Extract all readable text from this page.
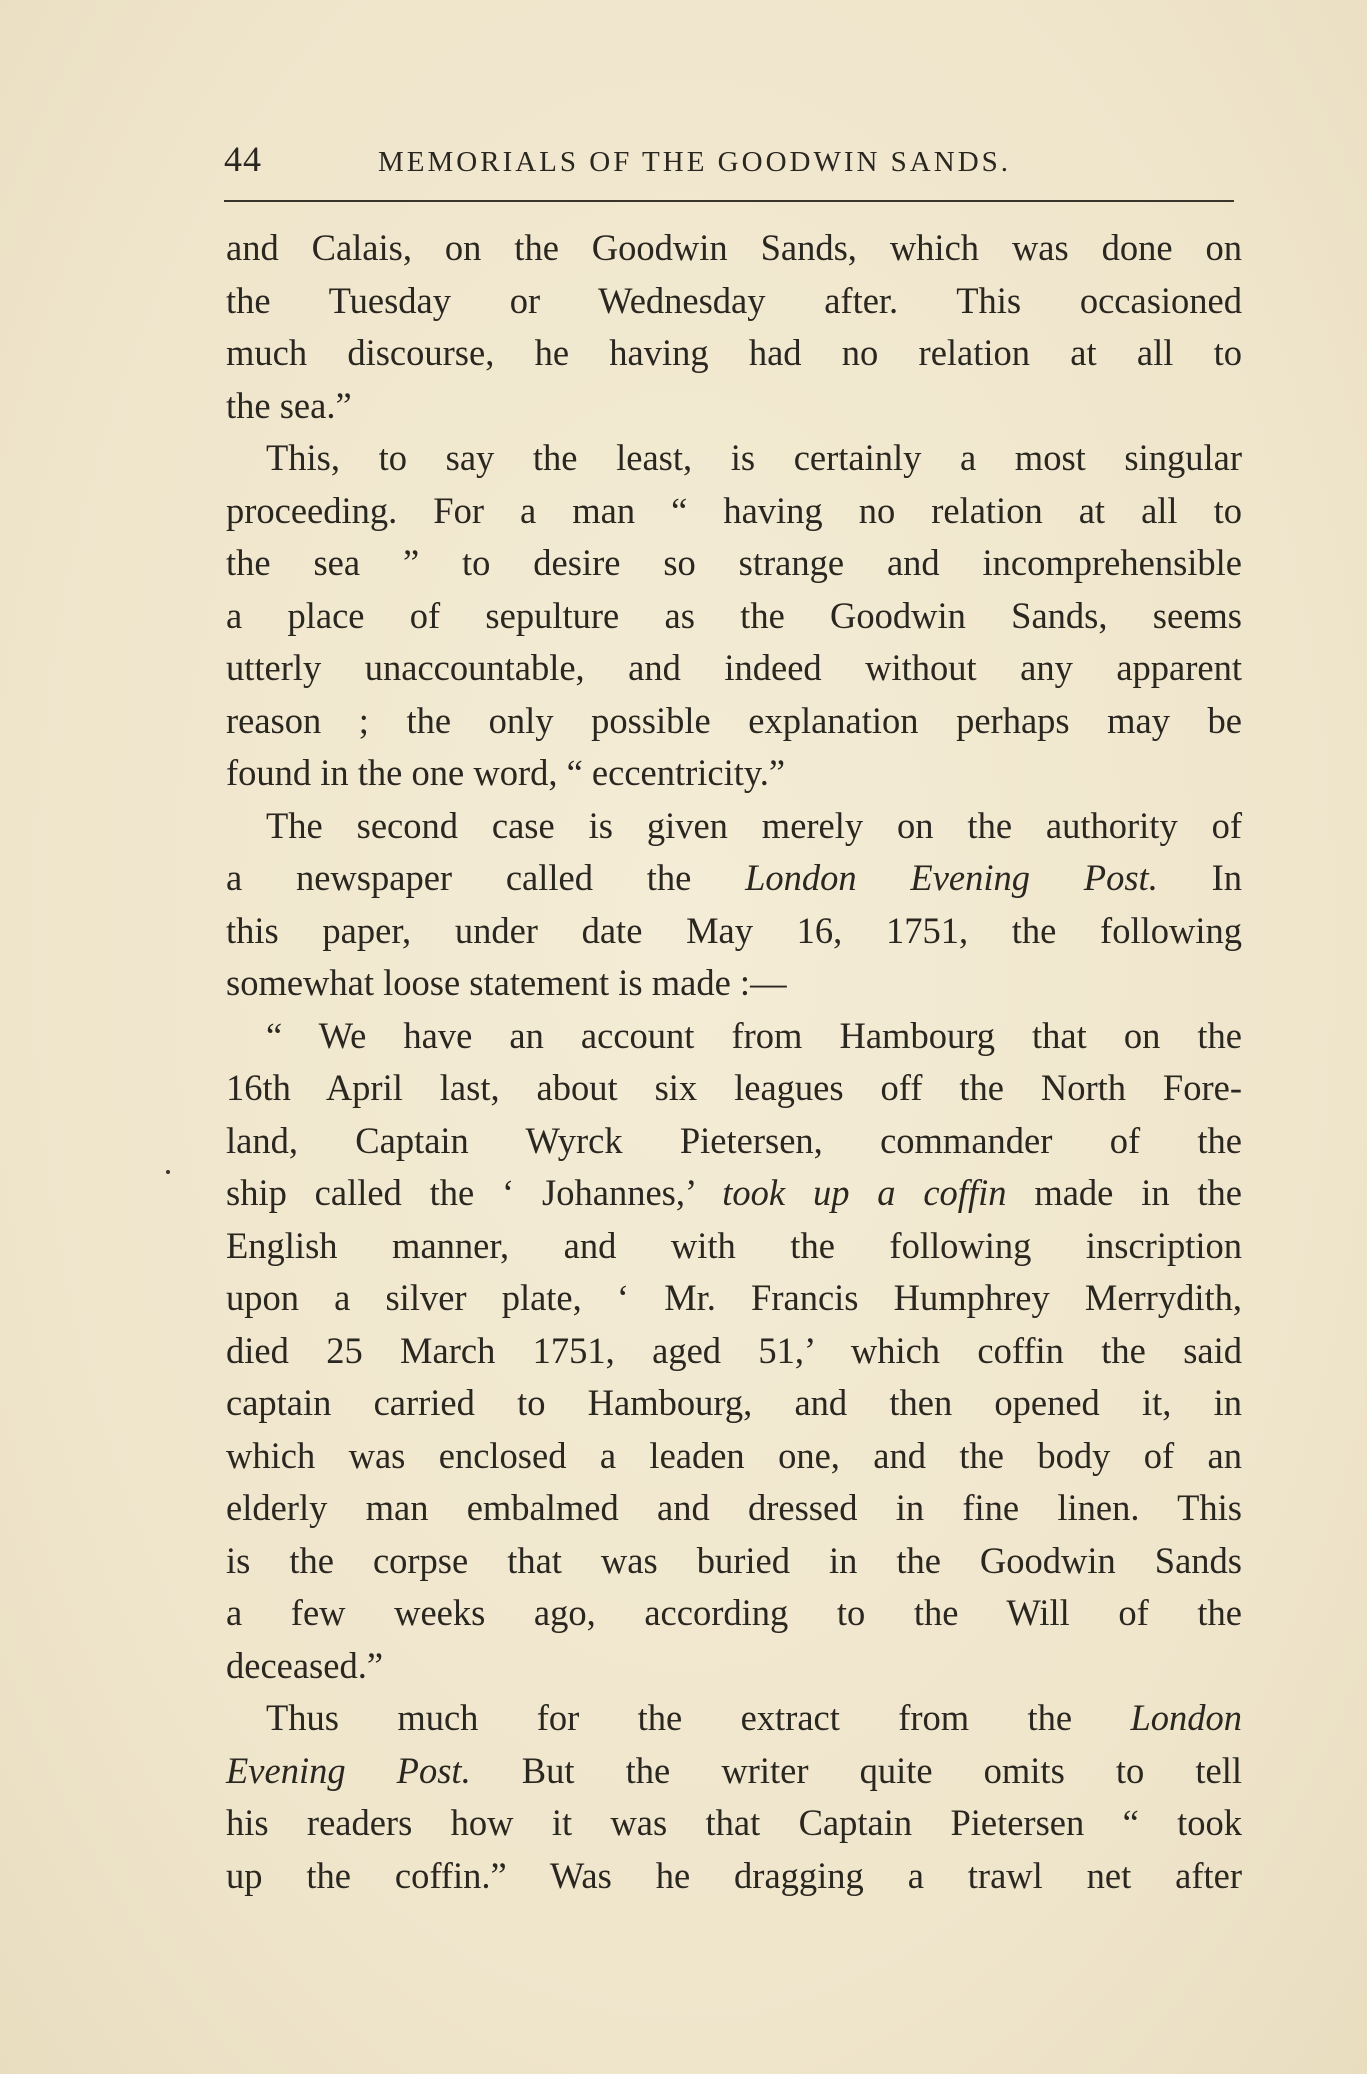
44	MEMORIALS OF THE GOODWIN SANDS.
and Calais, on the Goodwin Sands, which was done on
the Tuesday or Wednesday after. This occasioned
much discourse, he having had no relation at all to
the sea.”
This, to say the least, is certainly a most singular
proceeding. For a man “ having no relation at all to
the sea ” to desire so strange and incomprehensible
a place of sepulture as the Goodwin Sands, seems
utterly unaccountable, and indeed without any apparent
reason ; the only possible explanation perhaps may be
found in the one word, “ eccentricity.”
The second case is given merely on the authority of
a newspaper called the London Evening Post. In
this paper, under date May 16, 1751, the following
somewhat loose statement is made :—
“ We have an account from Hambourg that on the
16th April last, about six leagues off the North Fore-
land, Captain Wyrck Pietersen, commander of the
ship called the ‘ Johannes,’ took up a coffin made in the
English manner, and with the following inscription
upon a silver plate, ‘ Mr. Francis Humphrey Merrydith,
died 25 March 1751, aged 51,’ which coffin the said
captain carried to Hambourg, and then opened it, in
which was enclosed a leaden one, and the body of an
elderly man embalmed and dressed in fine linen. This
is the corpse that was buried in the Goodwin Sands
a few weeks ago, according to the Will of the
deceased.”
Thus much for the extract from the London
Evening Post. But the writer quite omits to tell
his readers how it was that Captain Pietersen “ took
up the coffin.” Was he dragging a trawl net after
